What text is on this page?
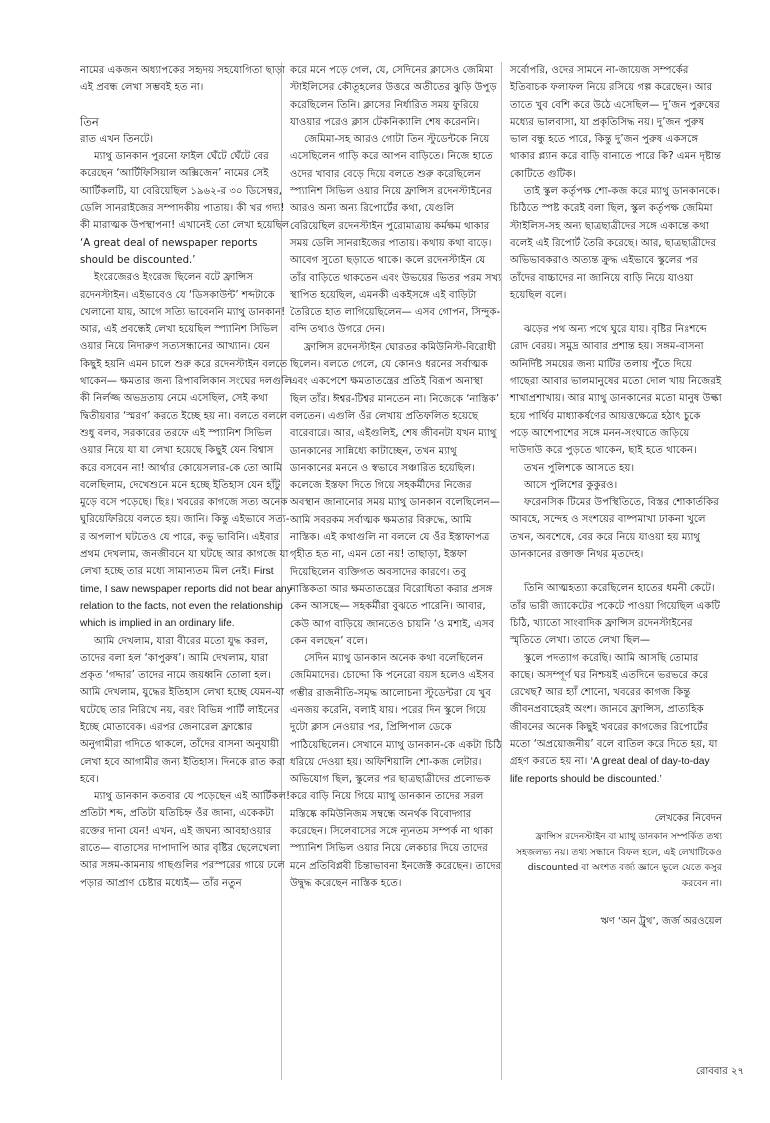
নামের একজন অধ্যাপকের সহৃদয় সহযোগিতা ছাড়া এই প্রবন্ধ লেখা সম্ভবই হত না।

তিন

রাত এখন তিনটে।

ম্যাথু ডানকান পুরনো ফাইল ঘেঁটে ঘেঁটে বের করেছেন ‘আর্টিফিসিয়াল অক্সিজেন’ নামের সেই আর্টিকলটি, যা বেরিয়েছিল ১৯৬২-র ৩০ ডিসেম্বর, ডেলি সানরাইজের সম্পাদকীয় পাতায়। কী খর গদ্য! কী মারাত্মক উপস্থাপনা! এখানেই তো লেখা হয়েছিল ‘A great deal of newspaper reports should be discounted.’

ইংরেজেরও ইংরেজ ছিলেন বটে ফ্রান্সিস রদেনস্টাইন। এইভাবেও যে ‘ডিসকাউন্ট’ শব্দটাকে খেলানো যায়, আগে সত্যি ভাবেননি ম্যাথু ডানকান! আর, এই প্রবন্ধেই লেখা হয়েছিল স্প্যানিশ সিভিল ওয়ার নিয়ে নিদারুণ সত্যসন্ধানের আখ্যান। যেন কিছুই হয়নি এমন চালে শুরু করে রদেনস্টাইন বলতে থাকেন— ক্ষমতার জন্য রিপাবলিকান সংঘের দলগুলি কী নির্লজ্জ অভদ্রতায় নেমে এসেছিল, সেই কথা দ্বিতীয়বার ‘স্মরণ’ করতে ইচ্ছে হয় না। বলতে বললে শুধু বলব, সরকারের তরফে এই স্প্যানিশ সিভিল ওয়ার নিয়ে যা যা লেখা হয়েছে কিছুই যেন বিশ্বাস করে বসবেন না! আর্থার কোয়েসলার-কে তো আমি বলেছিলাম, দেখেশুনে মনে হচ্ছে ইতিহাস যেন হাঁটু মুড়ে বসে পড়েছে। ছিঃ। খবরের কাগজে সত্য অনেক ঘুরিয়েফিরিয়ে বলতে হয়। জানি। কিন্তু এইভাবে সত্য-র অপলাপ ঘটতেও যে পারে, কভু ভাবিনি। এইবার প্রথম দেখলাম, জনজীবনে যা ঘটছে আর কাগজে যা লেখা হচ্ছে তার মধ্যে সামান্যতম মিল নেই। First time, I saw newspaper reports did not bear any relation to the facts, not even the relationship which is implied in an ordinary life.

আমি দেখলাম, যারা বীরের মতো যুদ্ধ করল, তাদের বলা হল ‘কাপুরুষ’। আমি দেখলাম, যারা প্রকৃত ‘গদ্দার’ তাদের নামে জয়ধ্বনি তোলা হল। আমি দেখলাম, যুদ্ধের ইতিহাস লেখা হচ্ছে যেমন-যা ঘটেছে তার নিরিখে নয়, বরং বিভিন্ন পার্টি লাইনের ইচ্ছে মোতাবেক। এরপর জেনারেল ফ্রাঙ্কোর অনুগামীরা গদিতে থাকলে, তাঁদের বাসনা অনুযায়ী লেখা হবে আগামীর জন্য ইতিহাস। দিনকে রাত করা হবে।

ম্যাথু ডানকান কতবার যে পড়েছেন এই আর্টিকল! প্রতিটা শব্দ, প্রতিটা যতিচিহ্ন ওঁর জানা, একেকটা রক্তের দানা যেন! এখন, এই জঘন্য আবহাওয়ার রাতে— বাতাসের দাপাদাপি আর বৃষ্টির ছেলেখেলা আর সঙ্গম-কামনায় গাছগুলির পরস্পরের গায়ে ঢলে পড়ার আপ্রাণ চেষ্টার মধ্যেই— তাঁর নতুন

করে মনে পড়ে গেল, যে, সেদিনের ক্লাসেও জেমিমা স্টাইলিসের কৌতূহলের উত্তরে অতীতের ঝুড়ি উপুড় করেছিলেন তিনি। ক্লাসের নির্ধারিত সময় ফুরিয়ে যাওয়ার পরেও ক্লাস টেকনিক্যালি শেষ করেননি।

জেমিমা-সহ আরও গোটা তিন স্টুডেন্টকে নিয়ে এসেছিলেন গাড়ি করে আপন বাড়িতে। নিজে হাতে ওদের খাবার বেড়ে দিয়ে বলতে শুরু করেছিলেন স্প্যানিশ সিভিল ওয়ার নিয়ে ফ্রান্সিস রদেনস্টাইনের আরও অন্য অন্য রিপোর্টের কথা, যেগুলি বেরিয়েছিল রদেনস্টাইন পুরোমাত্রায় কর্মক্ষম থাকার সময় ডেলি সানরাইজের পাতায়। কথায় কথা বাড়ে। আবেগ সুতো ছড়াতে থাকে। কলে রদেনস্টাইন যে তাঁর বাড়িতে থাকতেন এবং উভয়ের ভিতর পরম সখ্য স্থাপিত হয়েছিল, এমনকী একইসঙ্গে এই বাড়িটা তৈরিতে হাত লাগিয়েছিলেন— এসব গোপন, সিন্দুক-বন্দি তথ্যও উগরে দেন।

ফ্রান্সিস রদেনস্টাইন ঘোরতর কমিউনিস্ট-বিরোধী ছিলেন। বলতে গেলে, যে কোনও ধরনের সর্বাত্মক এবং একপেশে ক্ষমতাতন্ত্রের প্রতিই বিরূপ অনাস্থা ছিল তাঁর। ঈশ্বর-টিশ্বর মানতেন না। নিজেকে ‘নাস্তিক’ বলতেন। এগুলি ওঁর লেখায় প্রতিফলিত হয়েছে বারেবারে। আর, এইগুলিই, শেষ জীবনটা যখন ম্যাথু ডানকানের সান্নিধ্যে কাটাচ্ছেন, তখন ম্যাথু ডানকানের মননে ও স্বভাবে সঞ্চারিত হয়েছিল। কলেজে ইস্তফা দিতে গিয়ে সহকর্মীদের নিজের অবস্থান জানানোর সময় ম্যাথু ডানকান বলেছিলেন— আমি সবরকম সর্বাত্মক ক্ষমতার বিরুদ্ধে, আমি নাস্তিক। এই কথাগুলি না বললে যে ওঁর ইস্তাফাপত্র গৃহীত হত না, এমন তো নয়! তাছাড়া, ইস্তফা দিয়েছিলেন ব্যক্তিগত অবসাদের কারণে। তবু নাস্তিকতা আর ক্ষমতাতন্ত্রের বিরোধিতা করার প্রসঙ্গ কেন আসছে— সহকর্মীরা বুঝতে পারেনি। আবার, কেউ আগ বাড়িয়ে জানতেও চায়নি ‘ও মশাই, এসব কেন বলছেন’ বলে।

সেদিন ম্যাথু ডানকান অনেক কথা বলেছিলেন জেমিমাদের। চোদ্দো কি পনেরো বয়স হলেও এইসব গম্ভীর রাজনীতি-সমৃদ্ধ আলোচনা স্টুডেন্টরা যে খুব এনজয় করেনি, বলাই যায়। পরের দিন স্কুলে গিয়ে দুটো ক্লাস নেওয়ার পর, প্রিন্সিপাল ডেকে পাঠিয়েছিলেন। সেখানে ম্যাথু ডানকান-কে একটা চিঠি ধরিয়ে দেওয়া হয়। অফিশিয়ালি শো-কজ লেটার। অভিযোগ ছিল, স্কুলের পর ছাত্রছাত্রীদের প্রলোভক করে বাড়ি নিয়ে গিয়ে ম্যাথু ডানকান তাদের সরল মস্তিষ্কে কমিউনিজম সম্বন্ধে অনর্থক বিবোদ্গার করেছেন। সিলেবাসের সঙ্গে ন্যূনতম সম্পর্ক না থাকা স্প্যানিশ সিভিল ওয়ার নিয়ে লেকচার দিয়ে তাদের মনে প্রতিবিপ্লবী চিন্তাভাবনা ইনজেক্ট করেছেন। তাদের উদ্বুদ্ধ করেছেন নাস্তিক হতে।

সর্বোপরি, ওদের সামনে না-জায়েজ সম্পর্কের ইতিবাচক ফলাফল নিয়ে রসিয়ে গল্প করেছেন। আর তাতে খুব বেশি করে উঠে এসেছিল— দু’জন পুরুষের মধ্যের ভালবাসা, যা প্রকৃতিসিদ্ধ নয়। দু’জন পুরুষ ভাল বন্ধু হতে পারে, কিন্তু দু’জন পুরুষ একসঙ্গে থাকার প্ল্যান করে বাড়ি বানাতে পারে কি? এমন দৃষ্টান্ত কোটিতে গুটিক।

তাই স্কুল কর্তৃপক্ষ শো-কজ করে ম্যাথু ডানকানকে। চিঠিতে স্পষ্ট করেই বলা ছিল, স্কুল কর্তৃপক্ষ জেমিমা স্টাইলিস-সহ অন্য ছাত্রছাত্রীদের সঙ্গে একান্তে কথা বলেই এই রিপোর্ট তৈরি করেছে। আর, ছাত্রছাত্রীদের অভিভাবকরাও অত্যন্ত ক্রুদ্ধ এইভাবে স্কুলের পর তাঁদের বাচ্চাদের না জানিয়ে বাড়ি নিয়ে যাওয়া হয়েছিল বলে।

ঝড়ের পথ অন্য পথে ঘুরে যায়। বৃষ্টির নিঃশব্দে রোদ বেরয়। সমুদ্র আবার প্রশান্ত হয়। সঙ্গম-বাসনা অনির্দিষ্ট সময়ের জন্য মাটির তলায় পুঁতে দিয়ে গাছেরা আবার ভালমানুষের মতো দোল খায় নিজেরই শাখাপ্রশাখায়। আর ম্যাথু ডানকানের মতো মানুষ উল্কা হয়ে পার্থিব মাধ্যাকর্ষণের আয়ত্তক্ষেত্রে হঠাৎ চুকে পড়ে আশেপাশের সঙ্গে মনন-সংঘাতে জড়িয়ে দাউদাউ করে পুড়তে থাকেন, ছাই হতে থাকেন।

তখন পুলিশকে আসতে হয়।

আসে পুলিশের কুকুরও।

ফরেনসিক টিমের উপস্থিতিতে, বিস্তর শোকার্তকির আবহে, সন্দেহ ও সংশয়ের বাষ্পমাখা ঢাকনা খুলে তখন, অবশেষে, বের করে নিয়ে যাওয়া হয় ম্যাথু ডানকানের রক্তাক্ত নিথর মৃতদেহ।

তিনি আত্মহত্যা করেছিলেন হাতের ধমনী কেটে। তাঁর ভারী জ্যাকেটের পকেটে পাওয়া গিয়েছিল একটি চিঠি, খ্যাতো সাংবাদিক ফ্রান্সিস রদেনস্টাইনের স্মৃতিতে লেখা। তাতে লেখা ছিল—

স্কুলে পদত্যাগ করেছি। আমি আসছি তোমার কাছে। অসম্পূর্ণ ঘর নিশ্চয়ই এতদিনে ভরভরে করে রেখেছ? আর হ্যাঁ শোনো, খবরের কাগজ কিন্তু জীবনপ্রবাহেরই অংশ। জানবে ফ্রান্সিস, প্রাত্যহিক জীবনের অনেক কিছুই খবরের কাগজের রিপোর্টের মতো ‘অপ্রয়োজনীয়’ বলে বাতিল করে দিতে হয়, যা গ্রহণ করতে হয় না। ‘A great deal of day-to-day life reports should be discounted.’

লেখকের নিবেদন
ফ্রান্সিস রদেনস্টাইন বা ম্যাথু ডানকান সম্পর্কিত তথ্য সহজলভ্য নয়। তথ্য সন্ধানে বিফল হলে, এই লেখাটিকেও discounted বা অংশত বর্জ্য জ্ঞানে ভুলে যেতে কসুর করবেন না।
ঋণ ‘অন ট্রুথ’, জর্জ অরওয়েল
রোববার ২৭
